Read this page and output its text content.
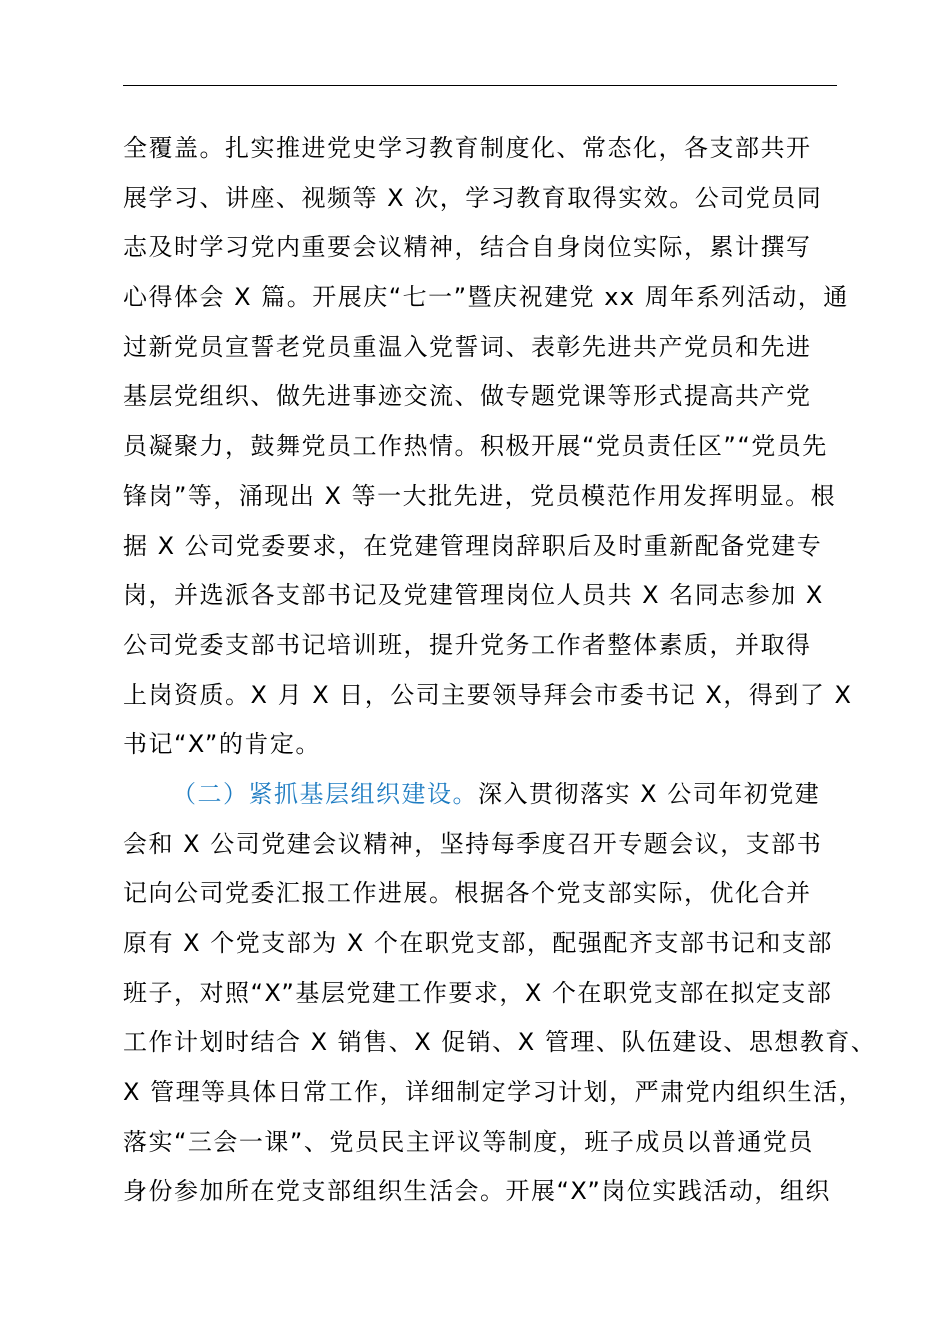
全覆盖。扎实推进党史学习教育制度化、常态化，各支部共开
展学习、讲座、视频等 X 次，学习教育取得实效。公司党员同
志及时学习党内重要会议精神，结合自身岗位实际，累计撰写
心得体会 X 篇。开展庆“七一”暨庆祝建党 xx 周年系列活动，通
过新党员宣誓老党员重温入党誓词、表彰先进共产党员和先进
基层党组织、做先进事迹交流、做专题党课等形式提高共产党
员凝聚力，鼓舞党员工作热情。积极开展“党员责任区”“党员先
锋岗”等，涌现出 X 等一大批先进，党员模范作用发挥明显。根
据 X 公司党委要求，在党建管理岗辞职后及时重新配备党建专
岗，并选派各支部书记及党建管理岗位人员共 X 名同志参加 X
公司党委支部书记培训班，提升党务工作者整体素质，并取得
上岗资质。X 月 X 日，公司主要领导拜会市委书记 X，得到了 X
书记“X”的肯定。
（二）紧抓基层组织建设。深入贯彻落实 X 公司年初党建
会和 X 公司党建会议精神，坚持每季度召开专题会议，支部书
记向公司党委汇报工作进展。根据各个党支部实际，优化合并
原有 X 个党支部为 X 个在职党支部，配强配齐支部书记和支部
班子，对照“X”基层党建工作要求，X 个在职党支部在拟定支部
工作计划时结合 X 销售、X 促销、X 管理、队伍建设、思想教育、
X 管理等具体日常工作，详细制定学习计划，严肃党内组织生活，
落实“三会一课”、党员民主评议等制度，班子成员以普通党员
身份参加所在党支部组织生活会。开展“X”岗位实践活动，组织
